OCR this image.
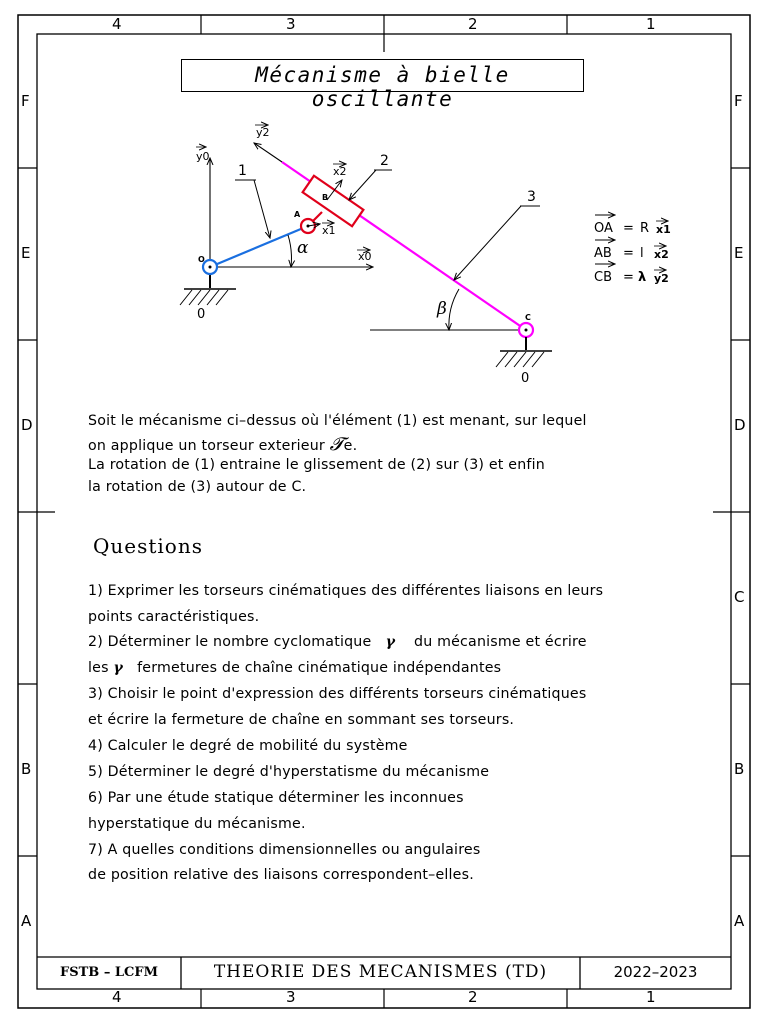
4	3	2	1
4	3	2	1
F
E
D
B
A
F
E
D
C
B
A
Mécanisme à bielle oscillante
y0
x0
0
O
α
y2
B
A
x1
x2
1
2
3
β	C
0
OA = R x1
AB = l x2
CB = λ y2
Soit le mécanisme ci–dessus où l'élément (1) est menant, sur lequel
on applique un torseur exterieur 𝓣e.
La rotation de (1) entraine le glissement de (2) sur (3) et enfin
la rotation de (3) autour de C.
Questions
1) Exprimer les torseurs cinématiques des différentes liaisons en leurs
points caractéristiques.
2) Déterminer le nombre cyclomatique γ du mécanisme et écrire
les γ fermetures de chaîne cinématique indépendantes
3) Choisir le point d'expression des différents torseurs cinématiques
et écrire la fermeture de chaîne en sommant ses torseurs.
4) Calculer le degré de mobilité du système
5) Déterminer le degré d'hyperstatisme du mécanisme
6) Par une étude statique déterminer les inconnues
hyperstatique du mécanisme.
7) A quelles conditions dimensionnelles ou angulaires
de position relative des liaisons correspondent–elles.
FSTB – LCFM	THEORIE DES MECANISMES (TD)	2022–2023
